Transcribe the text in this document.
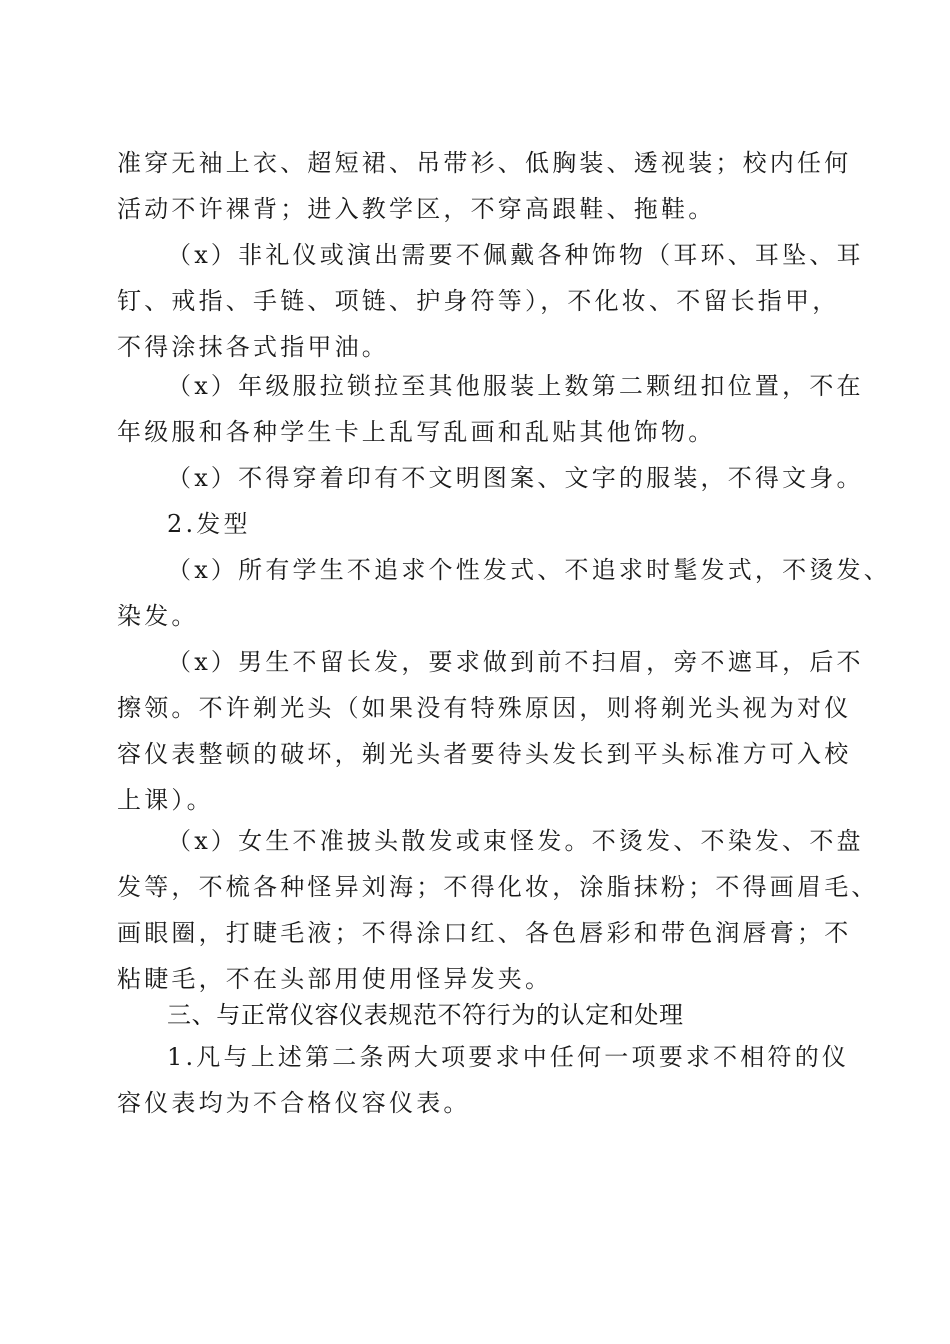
准穿无袖上衣、超短裙、吊带衫、低胸装、透视装；校内任何
活动不许裸背；进入教学区，不穿高跟鞋、拖鞋。
（x）非礼仪或演出需要不佩戴各种饰物（耳环、耳坠、耳
钉、戒指、手链、项链、护身符等），不化妆、不留长指甲，
不得涂抹各式指甲油。
（x）年级服拉锁拉至其他服装上数第二颗纽扣位置，不在
年级服和各种学生卡上乱写乱画和乱贴其他饰物。
（x）不得穿着印有不文明图案、文字的服装，不得文身。
2.发型
（x）所有学生不追求个性发式、不追求时髦发式，不烫发、
染发。
（x）男生不留长发，要求做到前不扫眉，旁不遮耳，后不
擦领。不许剃光头（如果没有特殊原因，则将剃光头视为对仪
容仪表整顿的破坏，剃光头者要待头发长到平头标准方可入校
上课）。
（x）女生不准披头散发或束怪发。不烫发、不染发、不盘
发等，不梳各种怪异刘海；不得化妆，涂脂抹粉；不得画眉毛、
画眼圈，打睫毛液；不得涂口红、各色唇彩和带色润唇膏；不
粘睫毛，不在头部用使用怪异发夹。
三、与正常仪容仪表规范不符行为的认定和处理
1.凡与上述第二条两大项要求中任何一项要求不相符的仪
容仪表均为不合格仪容仪表。
